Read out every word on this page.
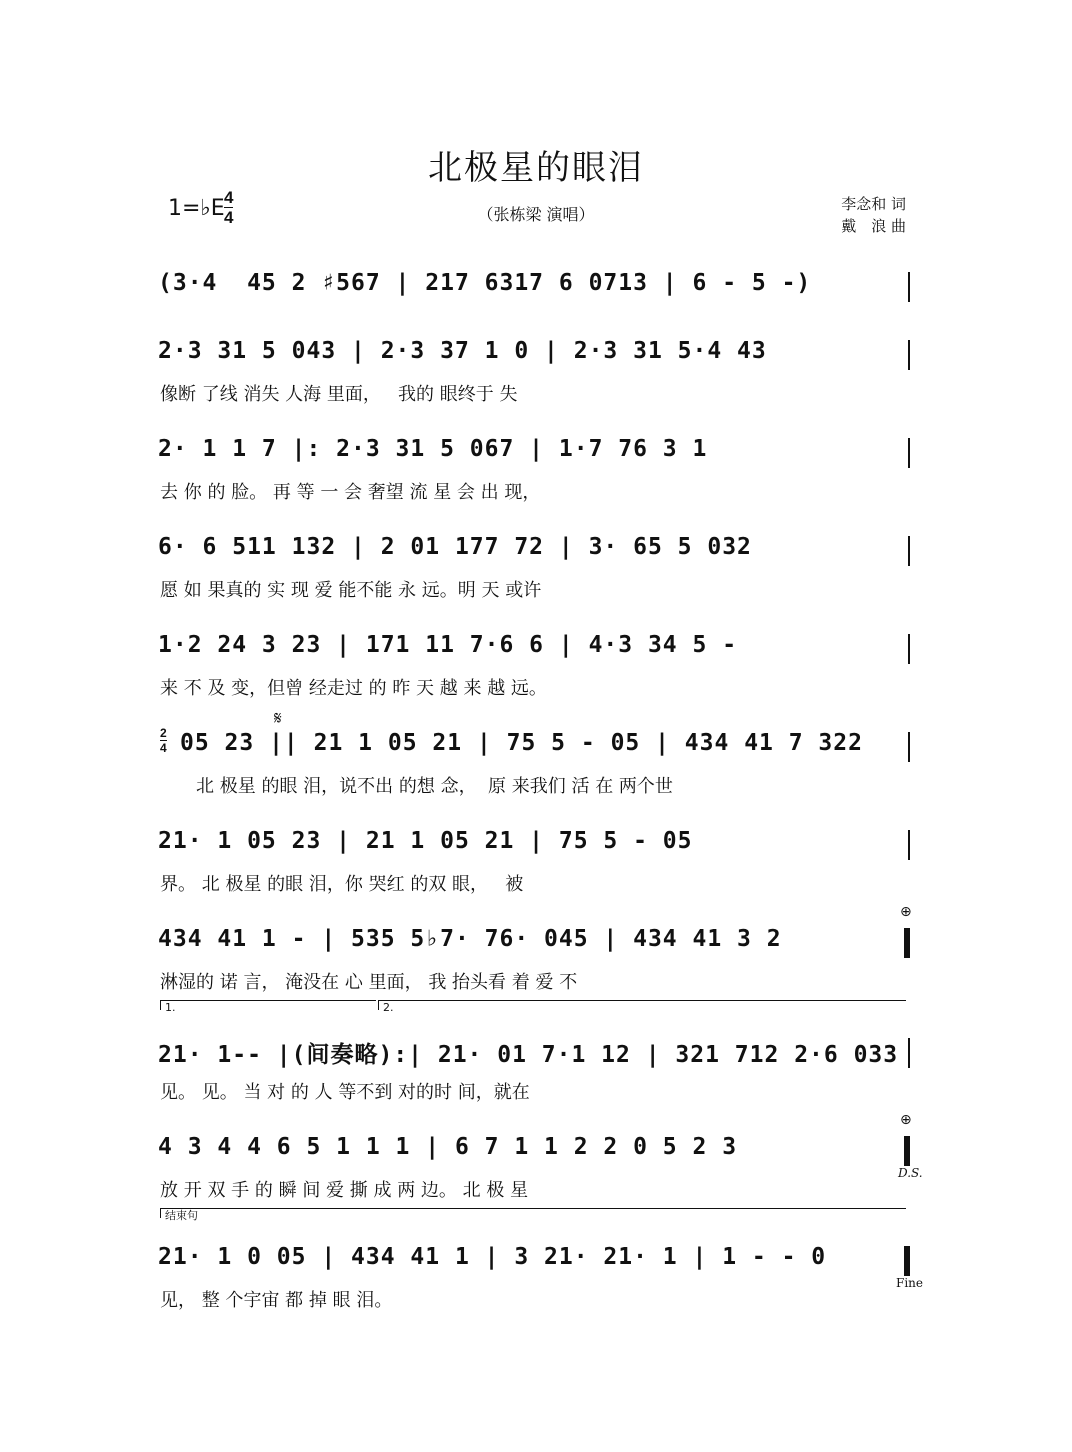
北极星的眼泪
1=♭E $\frac{4}{4}$	（张栋梁 演唱）
李念和 词
戴　浪 曲
(3·4  45 2 ♯567 | 217 6317 6 0713 | 6 - 5 -)
2·3 31 5 043 | 2·3 37 1 0 | 2·3 31 5·4 43
像断 了线 消失 人海 里面，   我的 眼终于 失
2· 1 1 7 |: 2·3 31 5 067 | 1·7 76 3 1
去 你 的 脸。 再 等 一 会 奢望 流 星 会 出 现，
6· 6 511 132 | 2 01 177 72 | 3· 65 5 032
愿 如 果真的 实 现 爱 能不能 永 远。明 天 或许
1·2 24 3 23 | 171 11 7·6 6 | 4·3 34 5 -
来 不 及 变，但曾 经走过 的 昨 天 越 来 越 远。
$\frac{2}{4}$
𝄋
05 23 || 21 1 05 21 | 75 5 - 05 | 434 41 7 322
北 极星 的眼 泪，说不出 的想 念，  原 来我们 活 在 两个世
21· 1 05 23 | 21 1 05 21 | 75 5 - 05
界。 北 极星 的眼 泪，你 哭红 的双 眼，   被
434 41 1 - | 535 5♭7· 76· 045 | 434 41 3 2
淋湿的 诺 言， 淹没在 心 里面， 我 抬头看 着 爱 不
⊕
1.	2.
21· 1-- |(间奏略):| 21· 01 7·1 12 | 321 712 2·6 033
见。 见。 当 对 的 人 等不到 对的时 间，就在
4 3 4 4 6 5 1 1 1 | 6 7 1 1 2 2 0 5 2 3
放 开 双 手 的 瞬 间 爱 撕 成 两 边。 北 极 星
⊕
D.S.
结束句
21· 1 0 05 | 434 41 1 | 3 21· 21· 1 | 1 - - 0
见， 整 个宇宙 都 掉 眼 泪。
Fine
